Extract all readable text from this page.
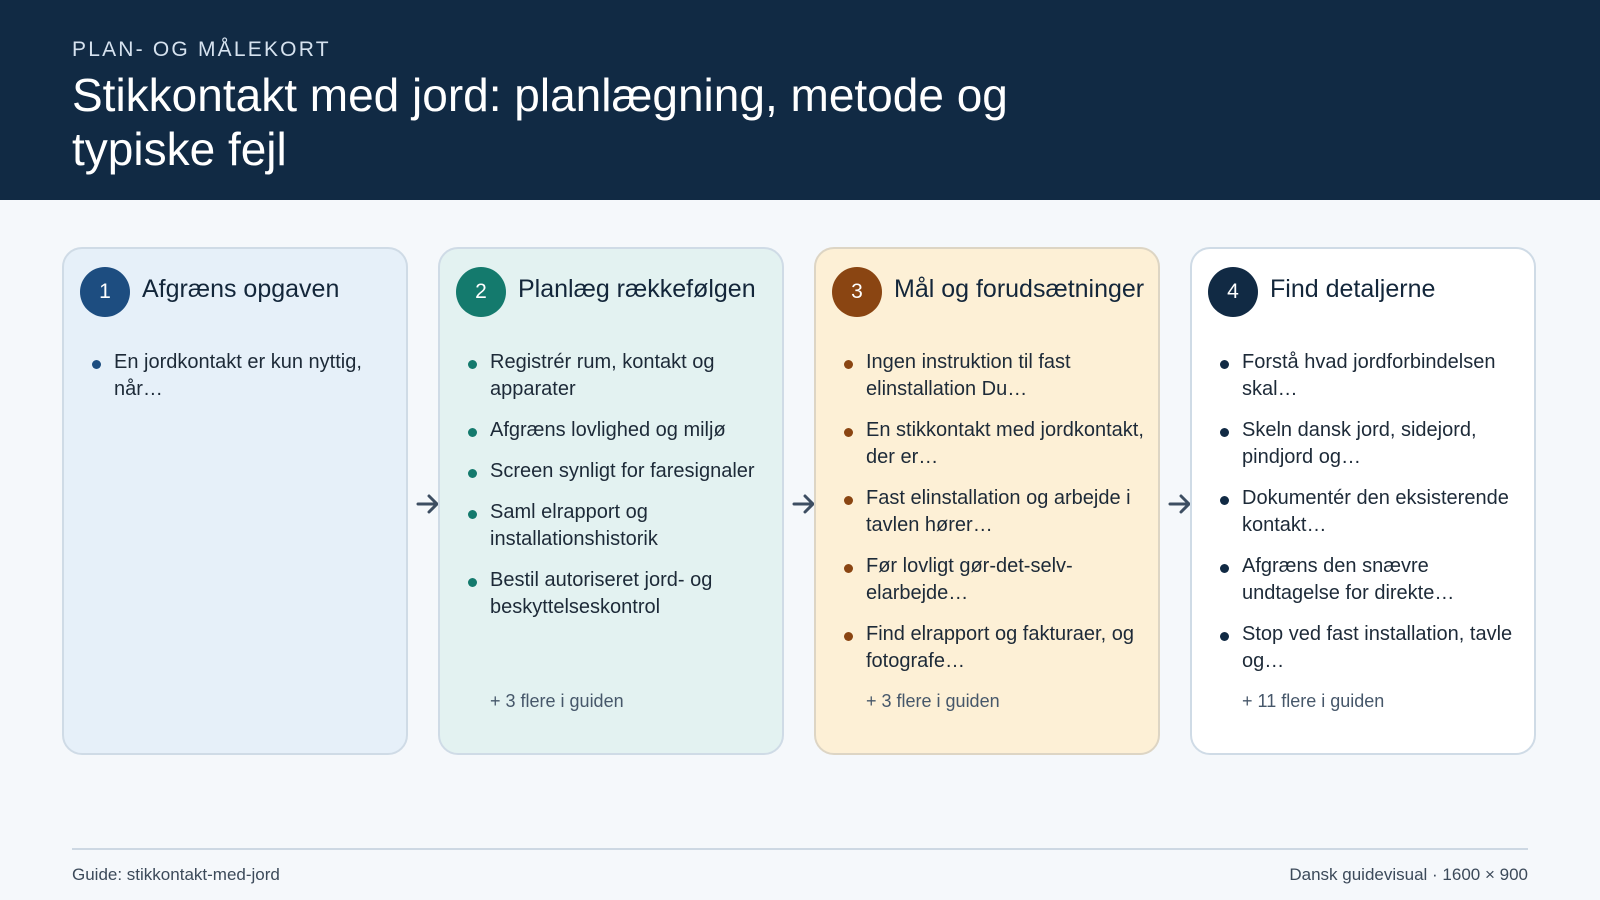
PLAN- OG MÅLEKORT
Stikkontakt med jord: planlægning, metode og typiske fejl
1	Afgræns opgaven
En jordkontakt er kun nyttig, når…
2	Planlæg rækkefølgen
Registrér rum, kontakt og apparater
Afgræns lovlighed og miljø
Screen synligt for faresignaler
Saml elrapport og installationshistorik
Bestil autoriseret jord- og beskyttelseskontrol
+ 3 flere i guiden
3	Mål og forudsætninger
Ingen instruktion til fast elinstallation Du…
En stikkontakt med jordkontakt, der er…
Fast elinstallation og arbejde i tavlen hører…
Før lovligt gør-det-selv-elarbejde…
Find elrapport og fakturaer, og fotografe…
+ 3 flere i guiden
4	Find detaljerne
Forstå hvad jordforbindelsen skal…
Skeln dansk jord, sidejord, pindjord og…
Dokumentér den eksisterende kontakt…
Afgræns den snævre undtagelse for direkte…
Stop ved fast installation, tavle og…
+ 11 flere i guiden
Guide: stikkontakt-med-jord	Dansk guidevisual · 1600 × 900
